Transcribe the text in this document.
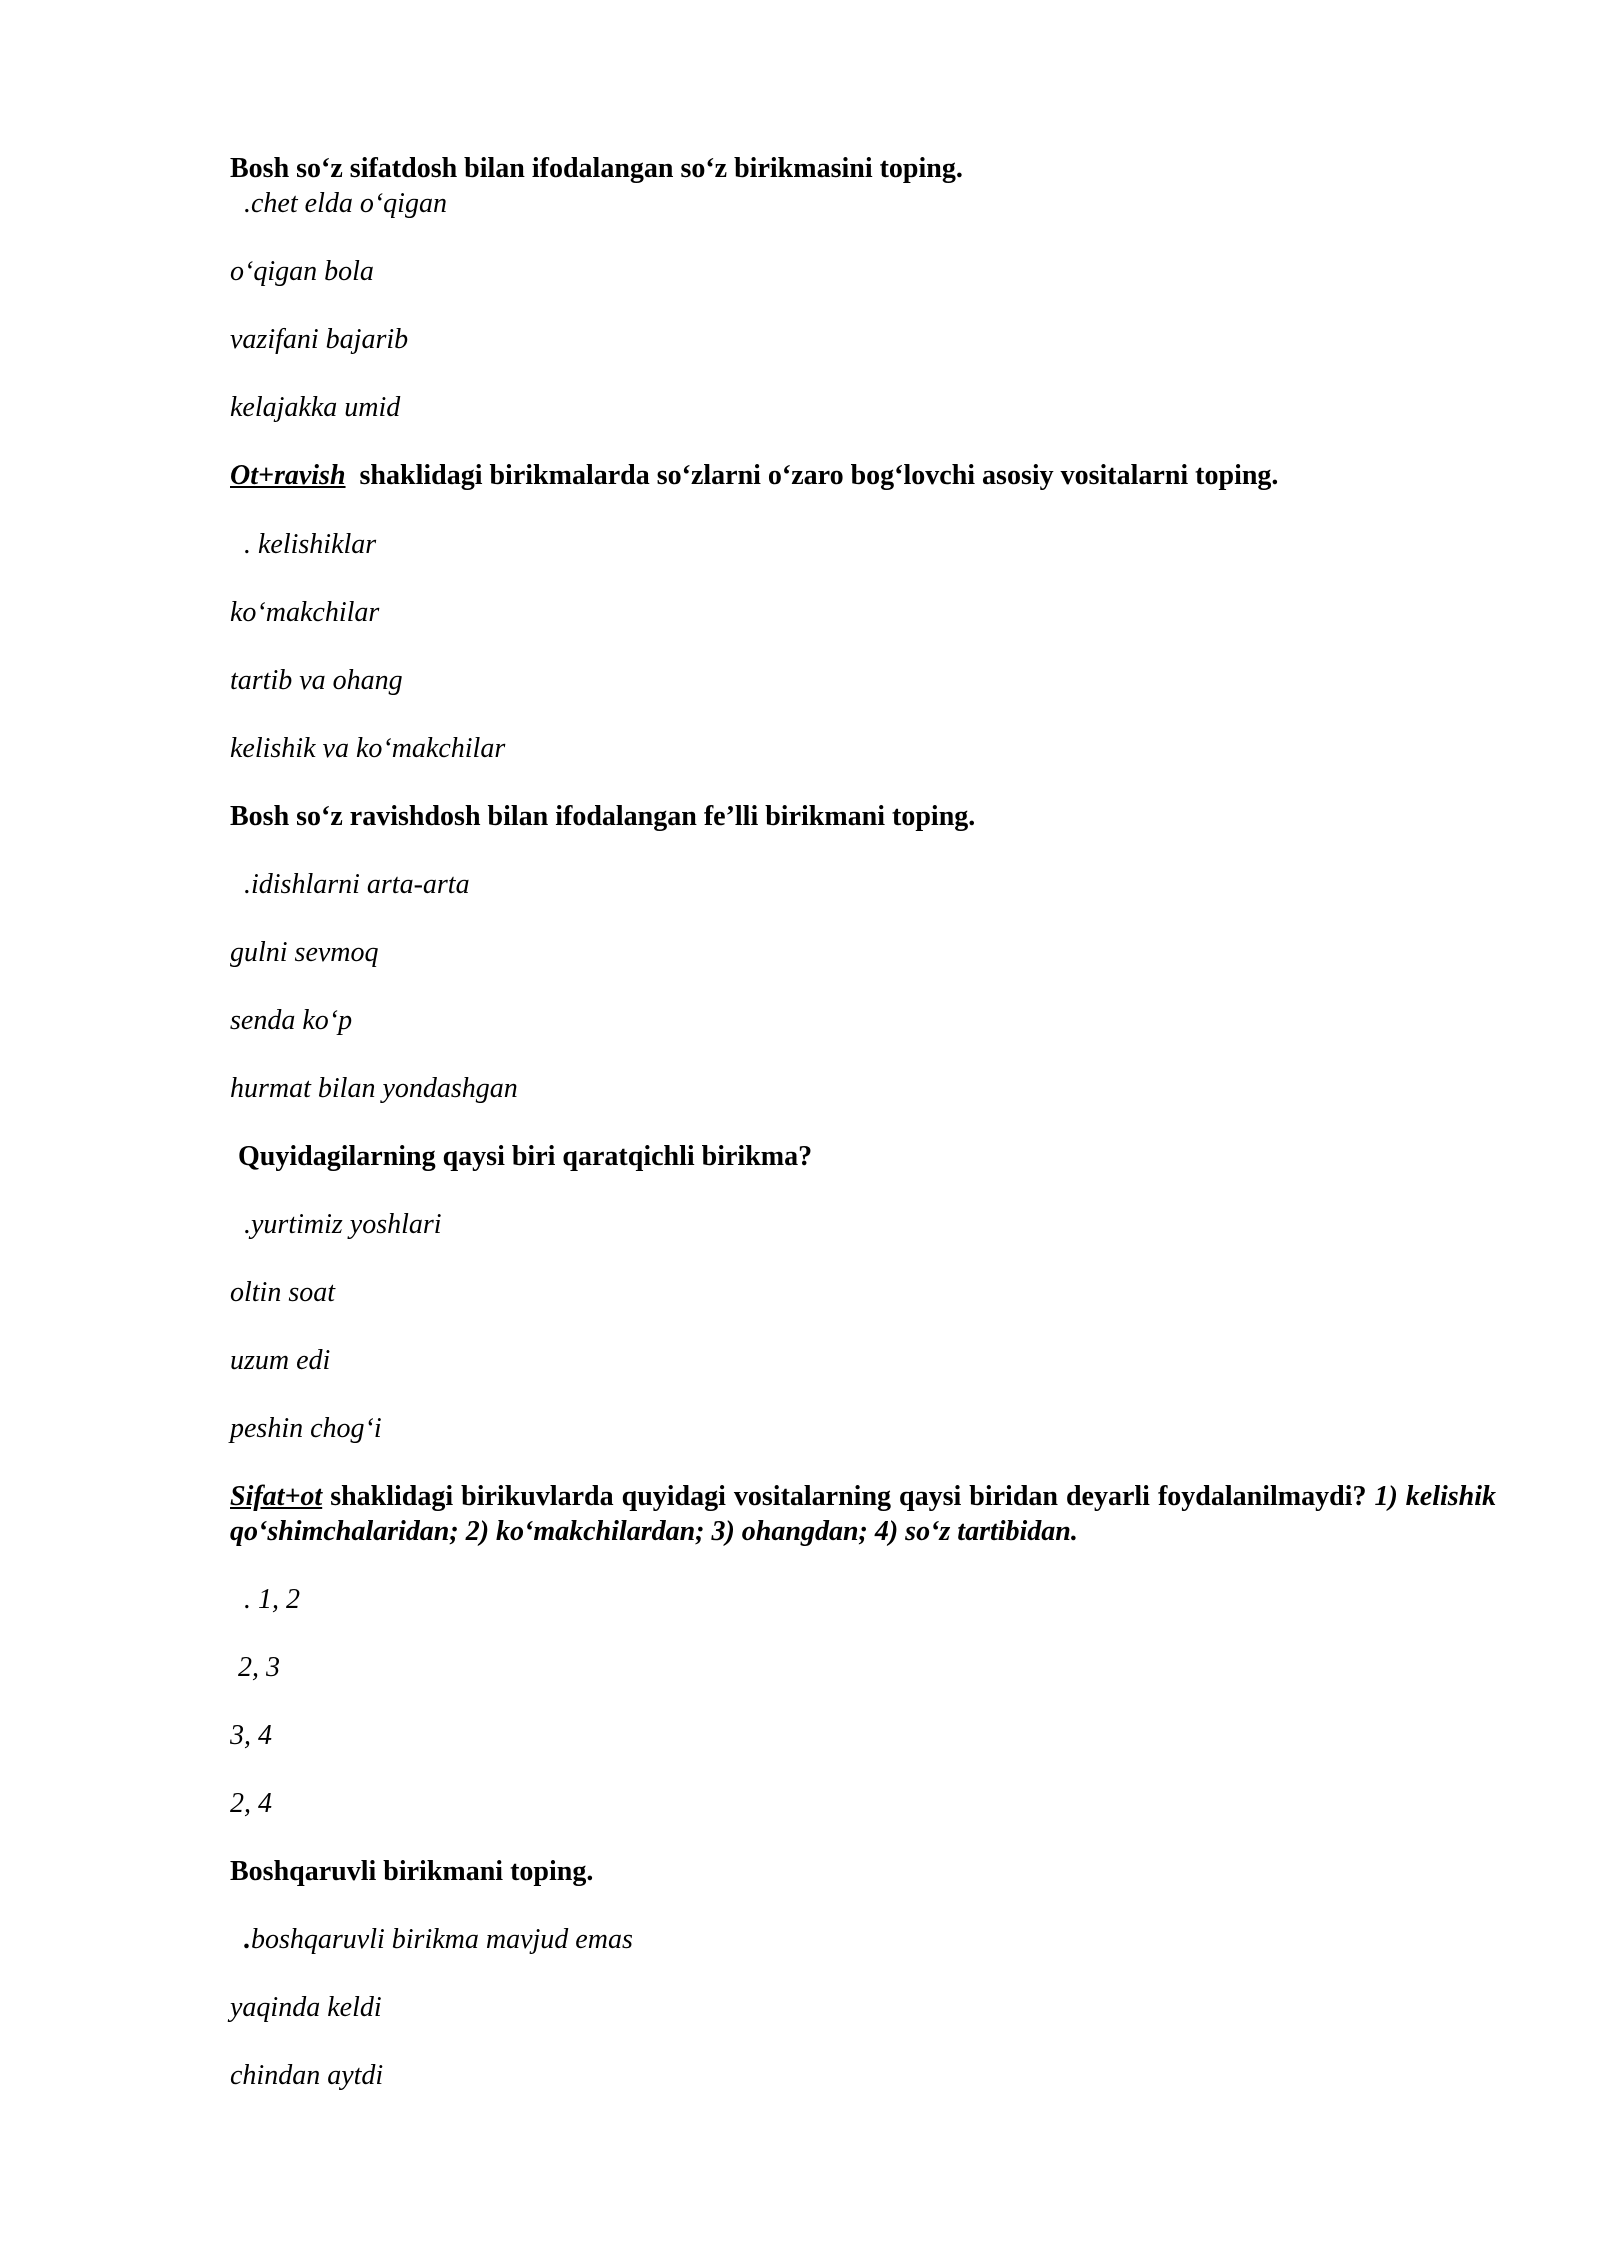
Bosh so‘z sifatdosh bilan ifodalangan so‘z birikmasini toping.
.chet elda o‘qigan
o‘qigan bola
vazifani bajarib
kelajakka umid
Ot+ravish  shaklidagi birikmalarda so‘zlarni o‘zaro bog‘lovchi asosiy vositalarni toping.
. kelishiklar
ko‘makchilar
tartib va ohang
kelishik va ko‘makchilar
Bosh so‘z ravishdosh bilan ifodalangan fe’lli birikmani toping.
.idishlarni arta-arta
gulni sevmoq
senda ko‘p
hurmat bilan yondashgan
Quyidagilarning qaysi biri qaratqichli birikma?
.yurtimiz yoshlari
oltin soat
uzum edi
peshin chog‘i
Sifat+ot shaklidagi birikuvlarda quyidagi vositalarning qaysi biridan deyarli foydalanilmaydi? 1) kelishik qo‘shimchalaridan; 2) ko‘makchilardan; 3) ohangdan; 4) so‘z tartibidan.
. 1, 2
2, 3
3, 4
2, 4
Boshqaruvli birikmani toping.
.boshqaruvli birikma mavjud emas
yaqinda keldi
chindan aytdi
